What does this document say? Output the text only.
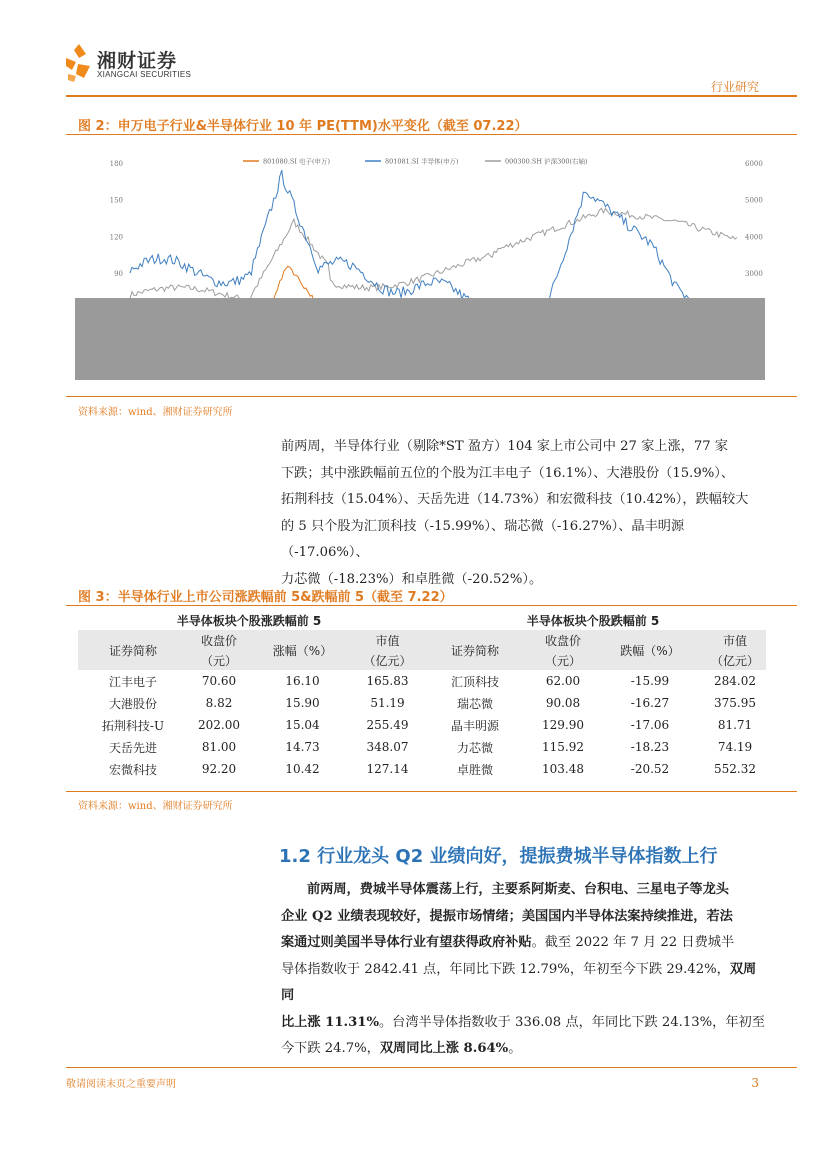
湘财证券
XIANGCAI SECURITIES
行业研究
图 2：申万电子行业&半导体行业 10 年 PE(TTM)水平变化（截至 07.22）
801080.SI 电子(申万)	801081.SI 半导体(申万)	000300.SH 沪深300(右轴)
180
150
120
90
6000
5000
4000
3000
资料来源：wind、湘财证券研究所
前两周，半导体行业（剔除*ST 盈方）104 家上市公司中 27 家上涨，77 家
下跌；其中涨跌幅前五位的个股为江丰电子（16.1%）、大港股份（15.9%）、
拓荆科技（15.04%）、天岳先进（14.73%）和宏微科技（10.42%），跌幅较大
的 5 只个股为汇顶科技（-15.99%）、瑞芯微（-16.27%）、晶丰明源（-17.06%）、
力芯微（-18.23%）和卓胜微（-20.52%）。
图 3：半导体行业上市公司涨跌幅前 5&跌幅前 5（截至 7.22）
半导体板块个股涨跌幅前 5				半导体板块个股跌幅前 5			
证券简称	收盘价	涨幅（%）	市值	证券简称	收盘价	跌幅（%）	市值
	（元）		（亿元）		（元）		（亿元）
江丰电子	70.60	16.10	165.83	汇顶科技	62.00	-15.99	284.02
大港股份	8.82	15.90	51.19	瑞芯微	90.08	-16.27	375.95
拓荆科技-U	202.00	15.04	255.49	晶丰明源	129.90	-17.06	81.71
天岳先进	81.00	14.73	348.07	力芯微	115.92	-18.23	74.19
宏微科技	92.20	10.42	127.14	卓胜微	103.48	-20.52	552.32
资料来源：wind、湘财证券研究所
1.2 行业龙头 Q2 业绩向好，提振费城半导体指数上行
前两周，费城半导体震荡上行，主要系阿斯麦、台积电、三星电子等龙头
企业 Q2 业绩表现较好，提振市场情绪；美国国内半导体法案持续推进，若法
案通过则美国半导体行业有望获得政府补贴。截至 2022 年 7 月 22 日费城半
导体指数收于 2842.41 点，年同比下跌 12.79%，年初至今下跌 29.42%，双周同
比上涨 11.31%。台湾半导体指数收于 336.08 点，年同比下跌 24.13%，年初至
今下跌 24.7%，双周同比上涨 8.64%。
敬请阅读末页之重要声明	3
